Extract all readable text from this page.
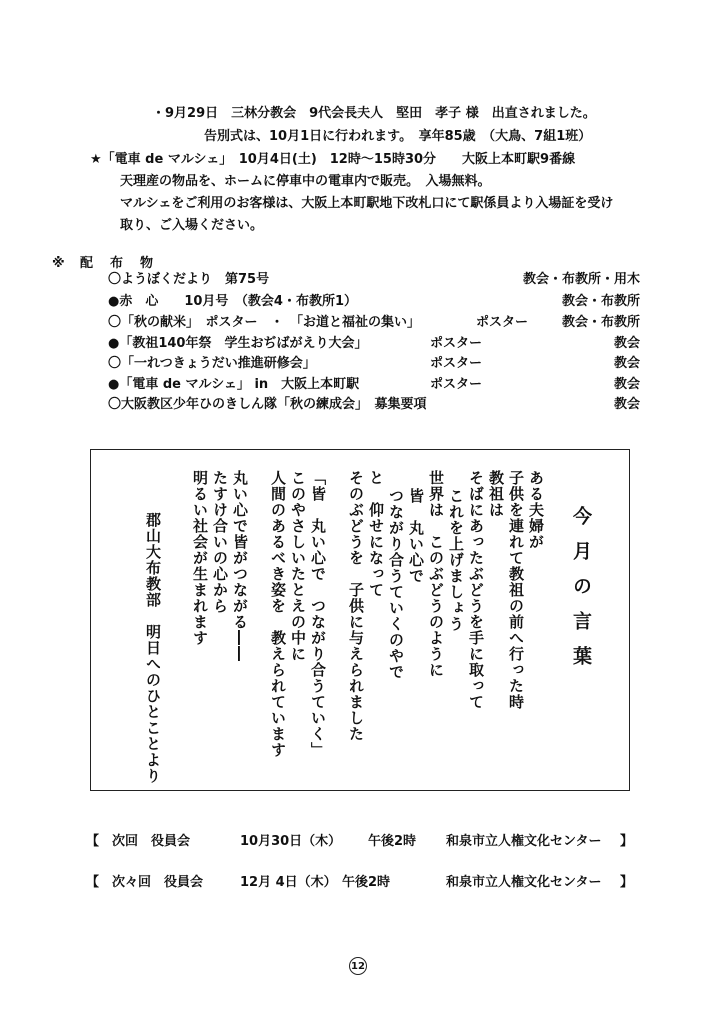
・9月29日　三林分教会　9代会長夫人　堅田　孝子 様　出直されました。
告別式は、10月1日に行われます。　享年85歳　（大鳥、7組1班）
★「電車 de マルシェ」　10月4日(土)　12時～15時30分　　大阪上本町駅9番線
天理産の物品を、ホームに停車中の電車内で販売。　入場無料。
マルシェをご利用のお客様は、大阪上本町駅地下改札口にて駅係員より入場証を受け
取り、ご入場ください。
※ 配　布　物
〇ようぼくだより　第75号	教会・布教所・用木
●赤　心　　10月号　（教会4・布教所1）	教会・布教所
〇「秋の献米」　ポスター　・　「お道と福祉の集い」	ポスター	教会・布教所
●「教祖140年祭　学生おぢばがえり大会」	ポスター	教会
〇「一れつきょうだい推進研修会」	ポスター	教会
●「電車 de マルシェ」 in　大阪上本町駅	ポスター	教会
〇大阪教区少年ひのきしん隊「秋の練成会」　募集要項	教会
今月の言葉
ある夫婦が
子供を連れて教祖の前へ行った時
教祖は
そばにあったぶどうを手に取って
これを上げましょう
世界は　このぶどうのように
皆　丸い心で
つながり合うていくのやで
と　仰せになって
そのぶどうを　子供に与えられました
「皆　丸い心で　つながり合うていく」
このやさしいたとえの中に
人間のあるべき姿を　教えられています
丸い心で皆がつながる――
たすけ合いの心から
明るい社会が生まれます
郡山大布教部　明日へのひとことより
【 次回　役員会	10月30日（木） 午後2時 和泉市立人権文化センター 】
【 次々回　役員会	12月 4日（木） 午後2時	和泉市立人権文化センター 】
12
